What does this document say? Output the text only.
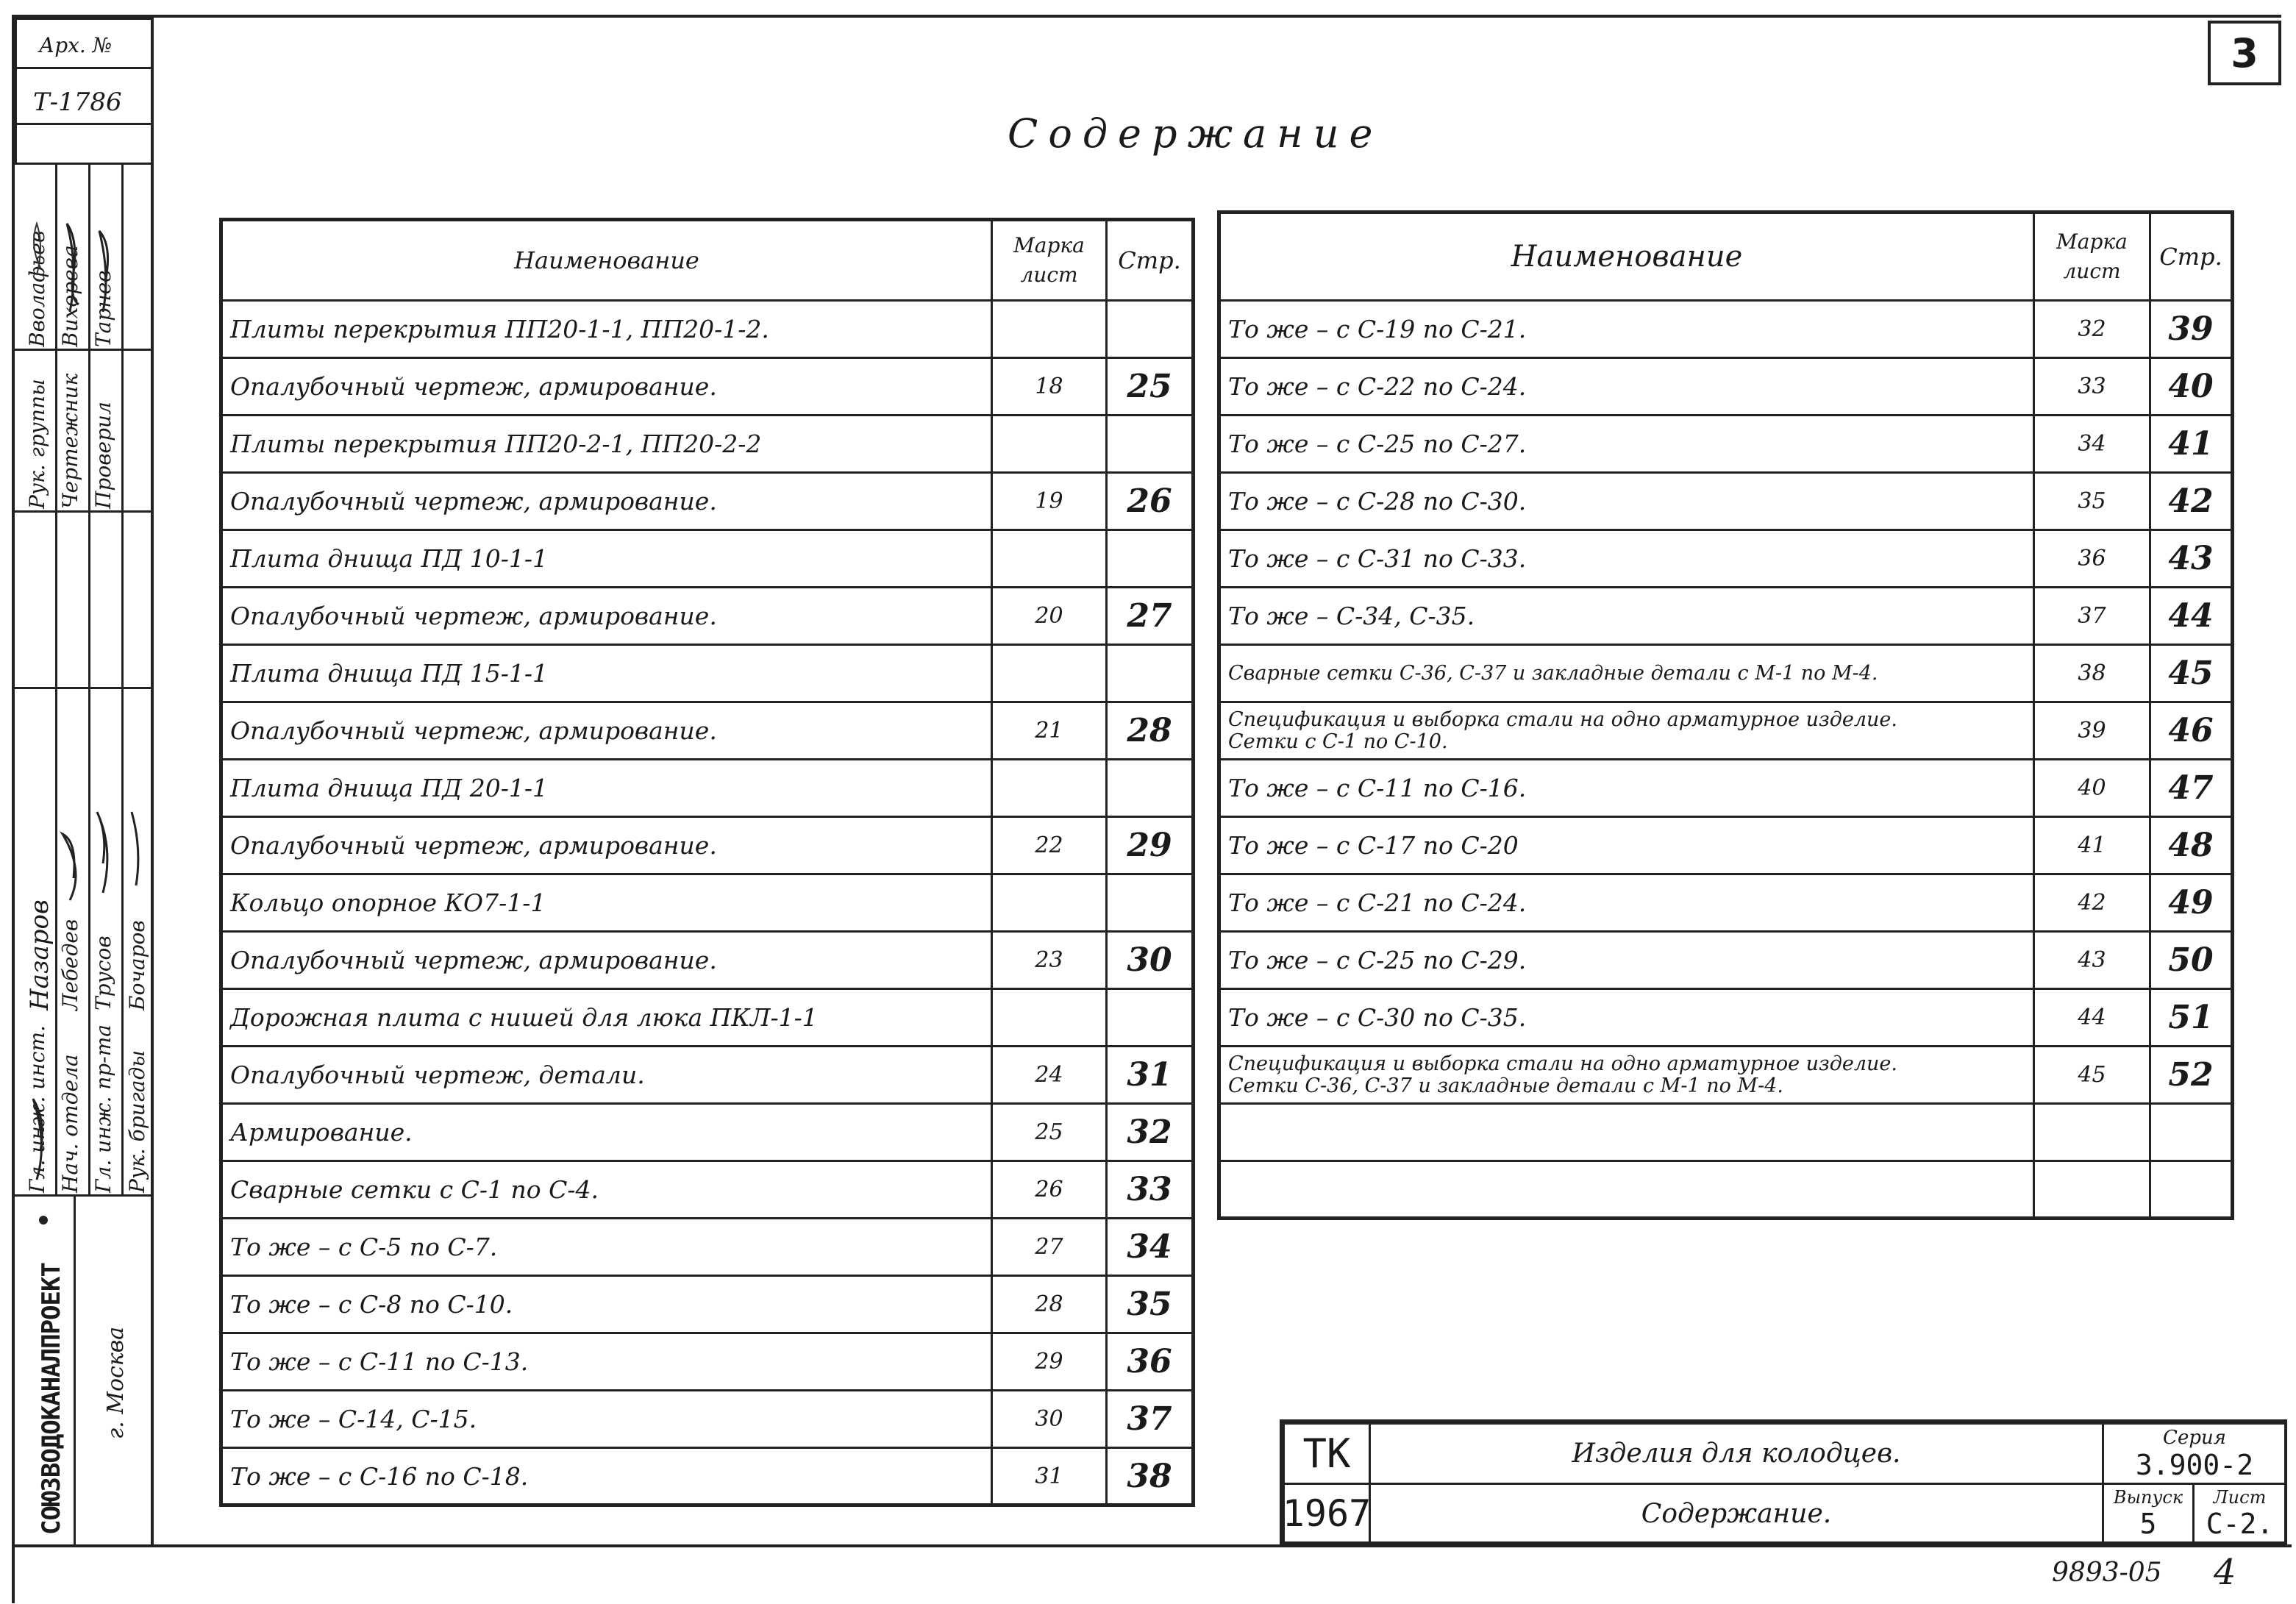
Арх. №
Т-1786
Рук. группы Чертежник Проверил
Вволафьев Вихорева Тарнев
Гл. инж. инст. Нач. отдела Гл. инж. пр-та Рук. бригады
Назаров Лебедев Трусов Бочаров
СОЮЗВОДОКАНАЛПРОЕКТ г. Москва
3
Содержание
Наименование	Марка лист	Стр.
Плиты перекрытия ПП20-1-1, ПП20-1-2.		
Опалубочный чертеж, армирование.	18	25
Плиты перекрытия ПП20-2-1, ПП20-2-2		
Опалубочный чертеж, армирование.	19	26
Плита днища ПД 10-1-1		
Опалубочный чертеж, армирование.	20	27
Плита днища ПД 15-1-1		
Опалубочный чертеж, армирование.	21	28
Плита днища ПД 20-1-1		
Опалубочный чертеж, армирование.	22	29
Кольцо опорное КО7-1-1		
Опалубочный чертеж, армирование.	23	30
Дорожная плита с нишей для люка ПКЛ-1-1		
Опалубочный чертеж, детали.	24	31
Армирование.	25	32
Сварные сетки с С-1 по С-4.	26	33
То же – с С-5 по С-7.	27	34
То же – с С-8 по С-10.	28	35
То же – с С-11 по С-13.	29	36
То же – С-14, С-15.	30	37
То же – с С-16 по С-18.	31	38
Наименование	Марка лист	Стр.
То же – с С-19 по С-21.	32	39
То же – с С-22 по С-24.	33	40
То же – с С-25 по С-27.	34	41
То же – с С-28 по С-30.	35	42
То же – с С-31 по С-33.	36	43
То же – С-34, С-35.	37	44
Сварные сетки С-36, С-37 и закладные детали с М-1 по М-4.	38	45

Спецификация и выборка стали на одно арматурное изделие.
Сетки с С-1 по С-10.	39	46
То же – с С-11 по С-16.	40	47
То же – с С-17 по С-20	41	48
То же – с С-21 по С-24.	42	49
То же – с С-25 по С-29.	43	50
То же – с С-30 по С-35.	44	51

Спецификация и выборка стали на одно арматурное изделие.
Сетки С-36, С-37 и закладные детали с М-1 по М-4.	45	52

ТК
1967
Изделия для колодцев.
Содержание.
Серия
3.900-2
Выпуск
5
Лист
С-2.
9893-05 4
